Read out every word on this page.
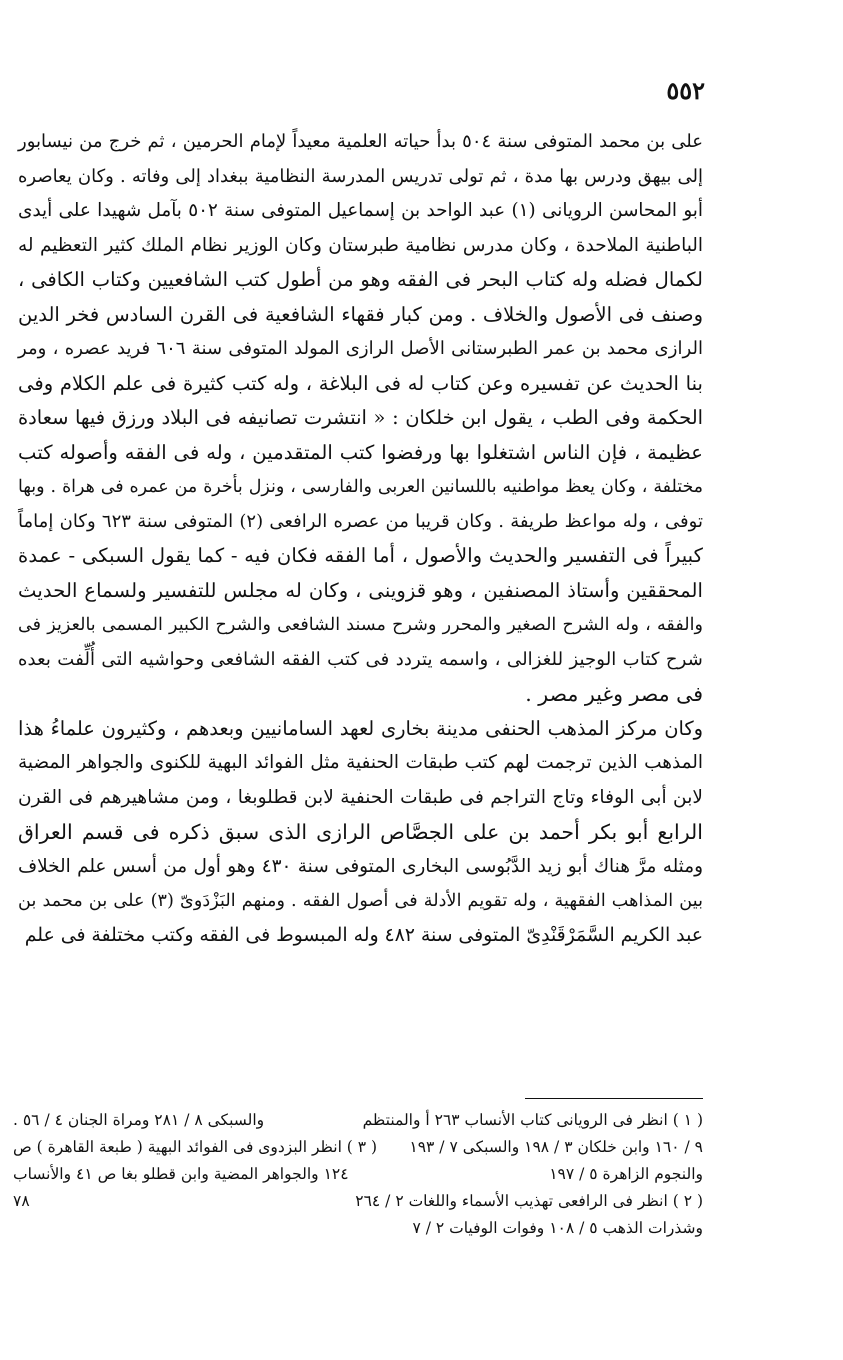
٥٥٢
على بن محمد المتوفى سنة ٥٠٤ بدأ حياته العلمية معيداً لإمام الحرمين ، ثم خرج من نيسابور
إلى بيهق ودرس بها مدة ، ثم تولى تدريس المدرسة النظامية ببغداد إلى وفاته . وكان يعاصره
أبو المحاسن الرويانى (١) عبد الواحد بن إسماعيل المتوفى سنة ٥٠٢ بآمل شهيدا على أيدى
الباطنية الملاحدة ، وكان مدرس نظامية طبرستان وكان الوزير نظام الملك كثير التعظيم له
لكمال فضله وله كتاب البحر فى الفقه وهو من أطول كتب الشافعيين وكتاب الكافى ،
وصنف فى الأصول والخلاف . ومن كبار فقهاء الشافعية فى القرن السادس فخر الدين
الرازى محمد بن عمر الطبرستانى الأصل الرازى المولد المتوفى سنة ٦٠٦ فريد عصره ، ومر
بنا الحديث عن تفسيره وعن كتاب له فى البلاغة ، وله كتب كثيرة فى علم الكلام وفى
الحكمة وفى الطب ، يقول ابن خلكان : « انتشرت تصانيفه فى البلاد ورزق فيها سعادة
عظيمة ، فإن الناس اشتغلوا بها ورفضوا كتب المتقدمين ، وله فى الفقه وأصوله كتب
مختلفة ، وكان يعظ مواطنيه باللسانين العربى والفارسى ، ونزل بأخرة من عمره فى هراة . وبها
توفى ، وله مواعظ طريفة . وكان قريبا من عصره الرافعى (٢) المتوفى سنة ٦٢٣ وكان إماماً
كبيراً فى التفسير والحديث والأصول ، أما الفقه فكان فيه - كما يقول السبكى - عمدة
المحققين وأستاذ المصنفين ، وهو قزوينى ، وكان له مجلس للتفسير ولسماع الحديث
والفقه ، وله الشرح الصغير والمحرر وشرح مسند الشافعى والشرح الكبير المسمى بالعزيز فى
شرح كتاب الوجيز للغزالى ، واسمه يتردد فى كتب الفقه الشافعى وحواشيه التى أُلِّفت بعده
فى مصر وغير مصر .
وكان مركز المذهب الحنفى مدينة بخارى لعهد السامانيين وبعدهم ، وكثيرون علماءُ هذا
المذهب الذين ترجمت لهم كتب طبقات الحنفية مثل الفوائد البهية للكنوى والجواهر المضية
لابن أبى الوفاء وتاج التراجم فى طبقات الحنفية لابن قطلوبغا ، ومن مشاهيرهم فى القرن
الرابع أبو بكر أحمد بن على الجصَّاص الرازى الذى سبق ذكره فى قسم العراق
ومثله مرَّ هناك أبو زيد الدَّبُوسى البخارى المتوفى سنة ٤٣٠ وهو أول من أسس علم الخلاف
بين المذاهب الفقهية ، وله تقويم الأدلة فى أصول الفقه . ومنهم البَزْدَوىّ (٣) على بن محمد بن
عبد الكريم السَّمَرْقَنْدِىّ المتوفى سنة ٤٨٢ وله المبسوط فى الفقه وكتب مختلفة فى علم
( ١ ) انظر فى الرويانى كتاب الأنساب ٢٦٣ أ والمنتظم
والسبكى ٨ / ٢٨١ ومراة الجنان ٤ / ٥٦ .
٩ / ١٦٠ وابن خلكان ٣ / ١٩٨ والسبكى ٧ / ١٩٣
( ٣ ) انظر البزدوى فى الفوائد البهية ( طبعة القاهرة ) ص
والنجوم الزاهرة ٥ / ١٩٧
١٢٤ والجواهر المضية وابن قطلو بغا ص ٤١ والأنساب
( ٢ ) انظر فى الرافعى تهذيب الأسماء واللغات ٢ / ٢٦٤
٧٨
وشذرات الذهب ٥ / ١٠٨ وفوات الوفيات ٢ / ٧
